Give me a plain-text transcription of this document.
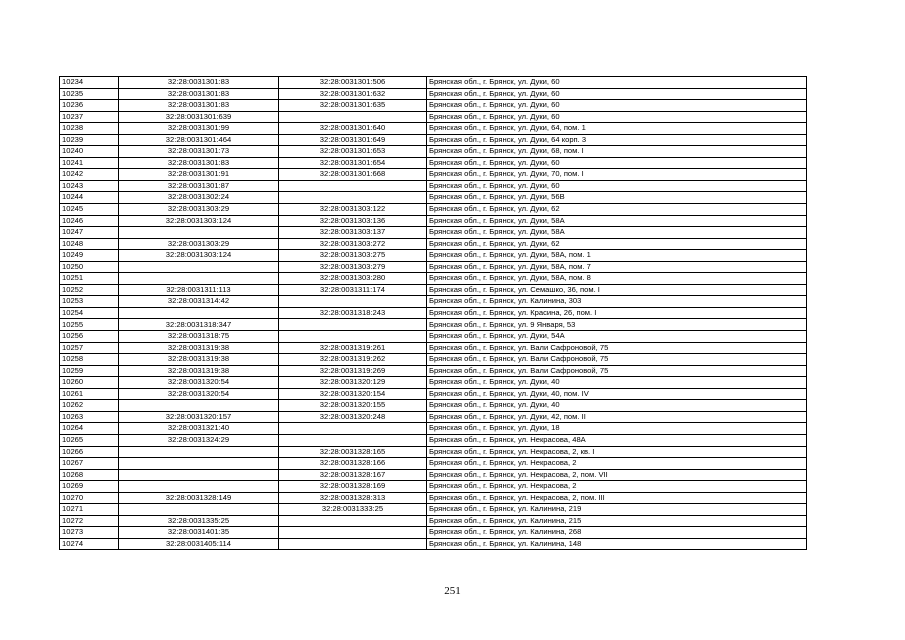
10234	32:28:0031301:83	32:28:0031301:506	Брянская обл., г. Брянск, ул. Дуки, 60
10235	32:28:0031301:83	32:28:0031301:632	Брянская обл., г. Брянск, ул. Дуки, 60
10236	32:28:0031301:83	32:28:0031301:635	Брянская обл., г. Брянск, ул. Дуки, 60
10237	32:28:0031301:639		Брянская обл., г. Брянск, ул. Дуки, 60
10238	32:28:0031301:99	32:28:0031301:640	Брянская обл., г. Брянск, ул. Дуки, 64, пом. 1
10239	32:28:0031301:464	32:28:0031301:649	Брянская обл., г. Брянск, ул. Дуки, 64 корп. 3
10240	32:28:0031301:73	32:28:0031301:653	Брянская обл., г. Брянск, ул. Дуки, 68, пом. I
10241	32:28:0031301:83	32:28:0031301:654	Брянская обл., г. Брянск, ул. Дуки, 60
10242	32:28:0031301:91	32:28:0031301:668	Брянская обл., г. Брянск, ул. Дуки, 70, пом. I
10243	32:28:0031301:87		Брянская обл., г. Брянск, ул. Дуки, 60
10244	32:28:0031302:24		Брянская обл., г. Брянск, ул. Дуки, 56В
10245	32:28:0031303:29	32:28:0031303:122	Брянская обл., г. Брянск, ул. Дуки, 62
10246	32:28:0031303:124	32:28:0031303:136	Брянская обл., г. Брянск, ул. Дуки, 58А
10247		32:28:0031303:137	Брянская обл., г. Брянск, ул. Дуки, 58А
10248	32:28:0031303:29	32:28:0031303:272	Брянская обл., г. Брянск, ул. Дуки, 62
10249	32:28:0031303:124	32:28:0031303:275	Брянская обл., г. Брянск, ул. Дуки, 58А, пом. 1
10250		32:28:0031303:279	Брянская обл., г. Брянск, ул. Дуки, 58А, пом. 7
10251		32:28:0031303:280	Брянская обл., г. Брянск, ул. Дуки, 58А, пом. 8
10252	32:28:0031311:113	32:28:0031311:174	Брянская обл., г. Брянск, ул. Семашко, 36, пом. I
10253	32:28:0031314:42		Брянская обл., г. Брянск, ул. Калинина, 303
10254		32:28:0031318:243	Брянская обл., г. Брянск, ул. Красина, 26, пом. I
10255	32:28:0031318:347		Брянская обл., г. Брянск, ул. 9 Января, 53
10256	32:28:0031318:75		Брянская обл., г. Брянск, ул. Дуки, 54А
10257	32:28:0031319:38	32:28:0031319:261	Брянская обл., г. Брянск, ул. Вали Сафроновой, 75
10258	32:28:0031319:38	32:28:0031319:262	Брянская обл., г. Брянск, ул. Вали Сафроновой, 75
10259	32:28:0031319:38	32:28:0031319:269	Брянская обл., г. Брянск, ул. Вали Сафроновой, 75
10260	32:28:0031320:54	32:28:0031320:129	Брянская обл., г. Брянск, ул. Дуки, 40
10261	32:28:0031320:54	32:28:0031320:154	Брянская обл., г. Брянск, ул. Дуки, 40, пом. IV
10262		32:28:0031320:155	Брянская обл., г. Брянск, ул. Дуки, 40
10263	32:28:0031320:157	32:28:0031320:248	Брянская обл., г. Брянск, ул. Дуки, 42, пом. II
10264	32:28:0031321:40		Брянская обл., г. Брянск, ул. Дуки, 18
10265	32:28:0031324:29		Брянская обл., г. Брянск, ул. Некрасова, 48А
10266		32:28:0031328:165	Брянская обл., г. Брянск, ул. Некрасова, 2, кв. I
10267		32:28:0031328:166	Брянская обл., г. Брянск, ул. Некрасова, 2
10268		32:28:0031328:167	Брянская обл., г. Брянск, ул. Некрасова, 2, пом. VII
10269		32:28:0031328:169	Брянская обл., г. Брянск, ул. Некрасова, 2
10270	32:28:0031328:149	32:28:0031328:313	Брянская обл., г. Брянск, ул. Некрасова, 2, пом. III
10271		32:28:0031333:25	Брянская обл., г. Брянск, ул. Калинина, 219
10272	32:28:0031335:25		Брянская обл., г. Брянск, ул. Калинина, 215
10273	32:28:0031401:35		Брянская обл., г. Брянск, ул. Калинина, 268
10274	32:28:0031405:114		Брянская обл., г. Брянск, ул. Калинина, 148
251
